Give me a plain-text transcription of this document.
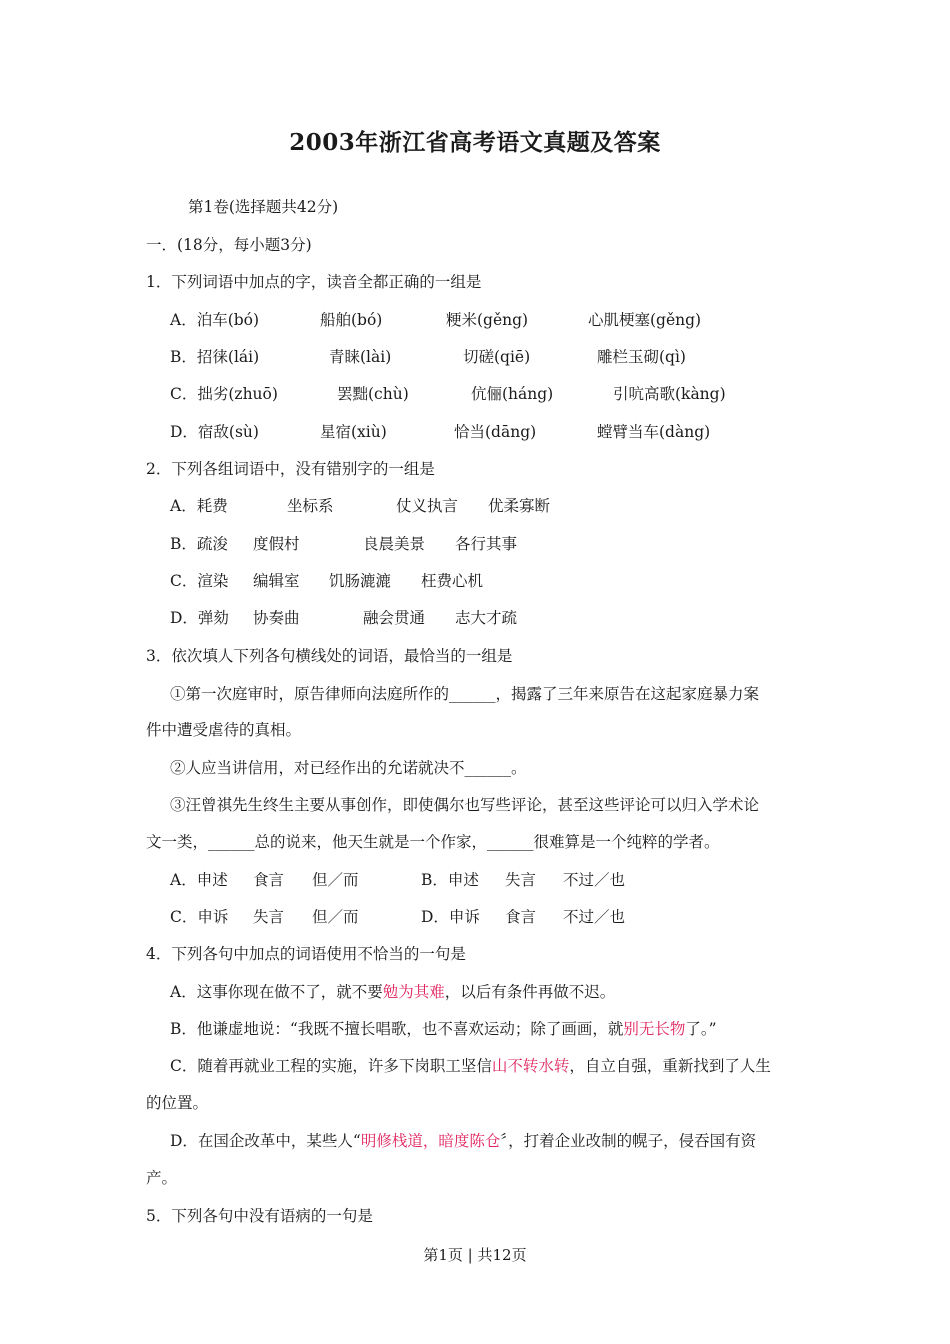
2003年浙江省高考语文真题及答案
第1卷(选择题共42分)
一．(18分，每小题3分)
1．下列词语中加点的字，读音全都正确的一组是
A．泊车(bó)	船舶(bó)	粳米(gěng)	心肌梗塞(gěng)
B．招徕(lái)	青睐(lài)	切磋(qiē)	雕栏玉砌(qì)
C．拙劣(zhuō)	罢黜(chù)	伉俪(háng)	引吭高歌(kàng)
D．宿敌(sù)	星宿(xiù)	恰当(dāng)	螳臂当车(dàng)
2．下列各组词语中，没有错别字的一组是
A．耗费	坐标系	仗义执言 优柔寡断
B．疏浚 度假村	良晨美景 各行其事
C．渲染 编辑室 饥肠漉漉 枉费心机
D．弹劾 协奏曲	融会贯通 志大才疏
3．依次填人下列各句横线处的词语，最恰当的一组是
①第一次庭审时，原告律师向法庭所作的______，揭露了三年来原告在这起家庭暴力案
件中遭受虐待的真相。
②人应当讲信用，对已经作出的允诺就决不______。
③汪曾祺先生终生主要从事创作，即使偶尔也写些评论，甚至这些评论可以归入学术论
文一类，______总的说来，他天生就是一个作家，______很难算是一个纯粹的学者。
A．申述 食言 但／而	B．申述 失言 不过／也
C．申诉 失言 但／而	D．申诉 食言 不过／也
4．下列各句中加点的词语使用不恰当的一句是
A．这事你现在做不了，就不要勉为其难，以后有条件再做不迟。
B．他谦虚地说：“我既不擅长唱歌，也不喜欢运动；除了画画，就别无长物了。”
C．随着再就业工程的实施，许多下岗职工坚信山不转水转，自立自强，重新找到了人生
的位置。
D．在国企改革中，某些人“明修栈道，暗度陈仓〞，打着企业改制的幌子，侵吞国有资
产。
5．下列各句中没有语病的一句是
第1页 | 共12页
